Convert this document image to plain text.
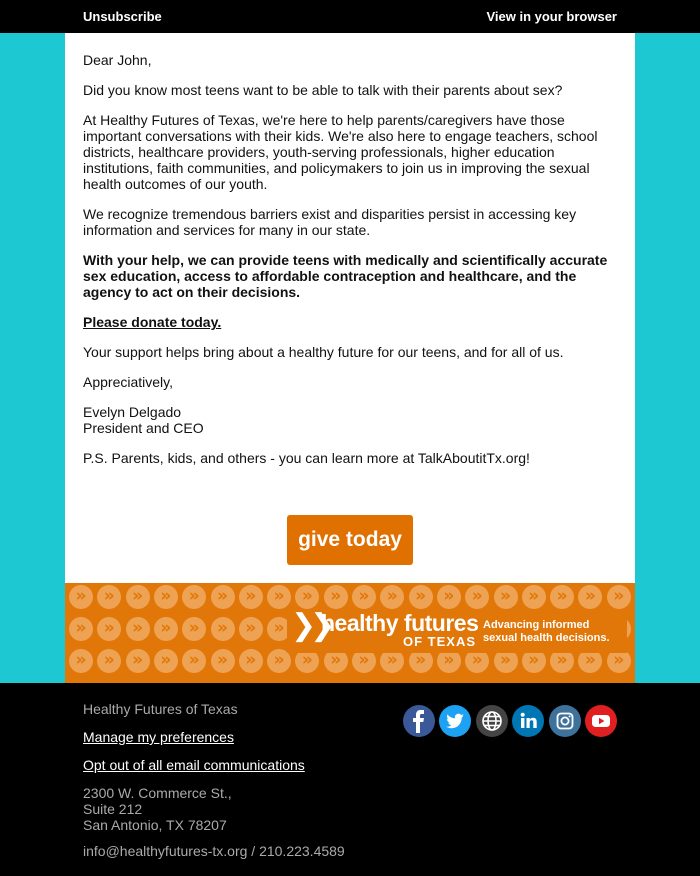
Unsubscribe	View in your browser

Dear John,

Did you know most teens want to be able to talk with their parents about sex?

At Healthy Futures of Texas, we're here to help parents/caregivers have those important conversations with their kids. We're also here to engage teachers, school districts, healthcare providers, youth-serving professionals, higher education institutions, faith communities, and policymakers to join us in improving the sexual health outcomes of our youth.

We recognize tremendous barriers exist and disparities persist in accessing key information and services for many in our state.

With your help, we can provide teens with medically and scientifically accurate sex education, access to affordable contraception and healthcare, and the agency to act on their decisions.

Please donate today.

Your support helps bring about a healthy future for our teens, and for all of us.

Appreciatively,

Evelyn Delgado
President and CEO

P.S. Parents, kids, and others - you can learn more at TalkAboutitTx.org!

give today
»
»
»
»
»
»
»
»
»
»
»
»
»
»
»
»
»
»
»
»
»
»
»
»
»
»
»
»
»
»
»
»
»
»
»
»
»
»
»
»
»
»
»
»
»
»
»
»
»
»
»
»
»
»
»
»
»
»
»
»
❯❯
healthy futures
OF TEXAS
Advancing informed sexual health decisions.
Healthy Futures of Texas
Manage my preferences
Opt out of all email communications
2300 W. Commerce St.,
Suite 212
San Antonio, TX 78207
info@healthyfutures-tx.org / 210.223.4589
